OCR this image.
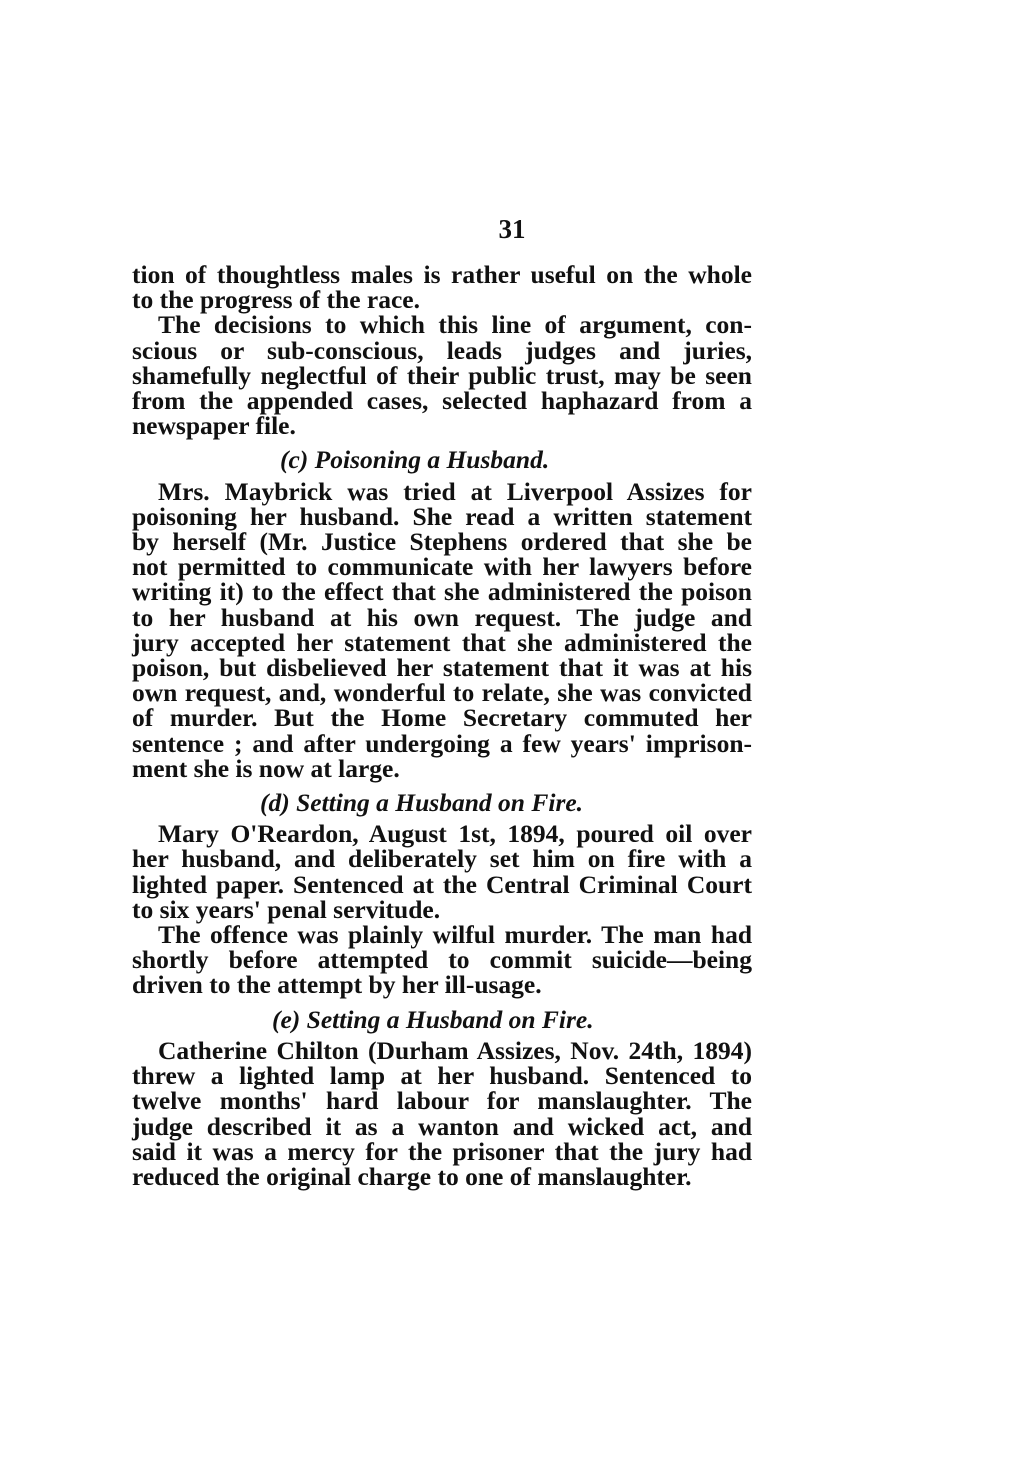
31

tion of thoughtless males is rather useful on the whole
to the progress of the race.

The decisions to which this line of argument, con-
scious or sub-conscious, leads judges and juries,
shamefully neglectful of their public trust, may be seen
from the appended cases, selected haphazard from a
newspaper file.

(c) Poisoning a Husband.

Mrs. Maybrick was tried at Liverpool Assizes for
poisoning her husband. She read a written statement
by herself (Mr. Justice Stephens ordered that she be
not permitted to communicate with her lawyers before
writing it) to the effect that she administered the poison
to her husband at his own request. The judge and
jury accepted her statement that she administered the
poison, but disbelieved her statement that it was at his
own request, and, wonderful to relate, she was convicted
of murder. But the Home Secretary commuted her
sentence ; and after undergoing a few years' imprison-
ment she is now at large.

(d) Setting a Husband on Fire.

Mary O'Reardon, August 1st, 1894, poured oil over
her husband, and deliberately set him on fire with a
lighted paper. Sentenced at the Central Criminal Court
to six years' penal servitude.

The offence was plainly wilful murder. The man had
shortly before attempted to commit suicide—being
driven to the attempt by her ill-usage.

(e) Setting a Husband on Fire.

Catherine Chilton (Durham Assizes, Nov. 24th, 1894)
threw a lighted lamp at her husband. Sentenced to
twelve months' hard labour for manslaughter. The
judge described it as a wanton and wicked act, and
said it was a mercy for the prisoner that the jury had
reduced the original charge to one of manslaughter.
